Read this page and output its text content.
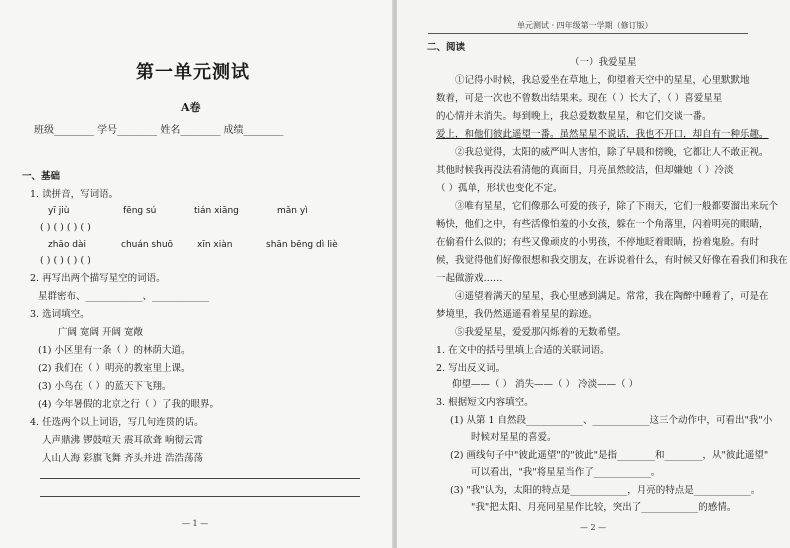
第一单元测试
A卷
班级________ 学号________ 姓名________ 成绩________
一、基础
1. 读拼音，写词语。
yī jiù	fēng sú	tián xiāng	mǎn yì
( ) ( ) ( ) ( )
zhāo dài	chuán shuō	xīn xiàn	shān bēng dì liè
( ) ( ) ( ) ( )
2. 再写出两个描写星空的词语。
星群密布、____________、____________
3. 选词填空。
广阔 宽阔 开阔 宽敞
(1) 小区里有一条（ ）的林荫大道。
(2) 我们在（ ）明亮的教室里上课。
(3) 小鸟在（ ）的蓝天下飞翔。
(4) 今年暑假的北京之行（ ）了我的眼界。
4. 任选两个以上词语，写几句连贯的话。
人声鼎沸 锣鼓喧天 震耳欲聋 响彻云霄
人山人海 彩旗飞舞 齐头并进 浩浩荡荡
— 1 —
单元测试 · 四年级第一学期（修订版）
二、阅读
（一）我爱星星
①记得小时候，我总爱坐在草地上，仰望着天空中的星星，心里默默地
数着，可是一次也不曾数出结果来。现在（ ）长大了，（ ）喜爱星星
的心情并未消失。每到晚上，我总爱数数星星，和它们交谈一番。
爱上，和他们彼此遥望一番。虽然星星不说话，我也不开口，却自有一种乐趣。
②我总觉得，太阳的威严叫人害怕，除了早晨和傍晚，它都让人不敢正视。
其他时候我再没法看清他的真面目，月亮虽然皎洁，但却嫌她（ ）冷淡
（ ）孤单，形状也变化不定。
③唯有星星，它们像那么可爱的孩子，除了下雨天，它们一般都要溜出来玩个
畅快，他们之中，有些活像怕羞的小女孩，躲在一个角落里，闪着明亮的眼睛，
在偷看什么似的；有些又像顽皮的小男孩，不停地眨着眼睛，扮着鬼脸。有时
候，我觉得他们好像很想和我交朋友，在诉说着什么，有时候又好像在看我们和我在
一起做游戏……
④遥望着满天的星星，我心里感到满足。常常，我在陶醉中睡着了，可是在
梦境里，我仍然遥遥看着星星的踪迹。
⑤我爱星星，爱爱那闪烁着的无数希望。
1. 在文中的括号里填上合适的关联词语。
2. 写出反义词。
仰望——（ ） 消失——（ ） 冷淡——（ ）
3. 根据短文内容填空。
(1) 从第 1 自然段____________、____________这三个动作中，可看出"我"小
时候对星星的喜爱。
(2) 画线句子中"彼此遥望"的"彼此"是指________和________，从"彼此遥望"
可以看出，"我"将星星当作了____________。
(3) "我"认为，太阳的特点是____________，月亮的特点是____________。
"我"把太阳、月亮同星星作比较，突出了____________的感情。
— 2 —
